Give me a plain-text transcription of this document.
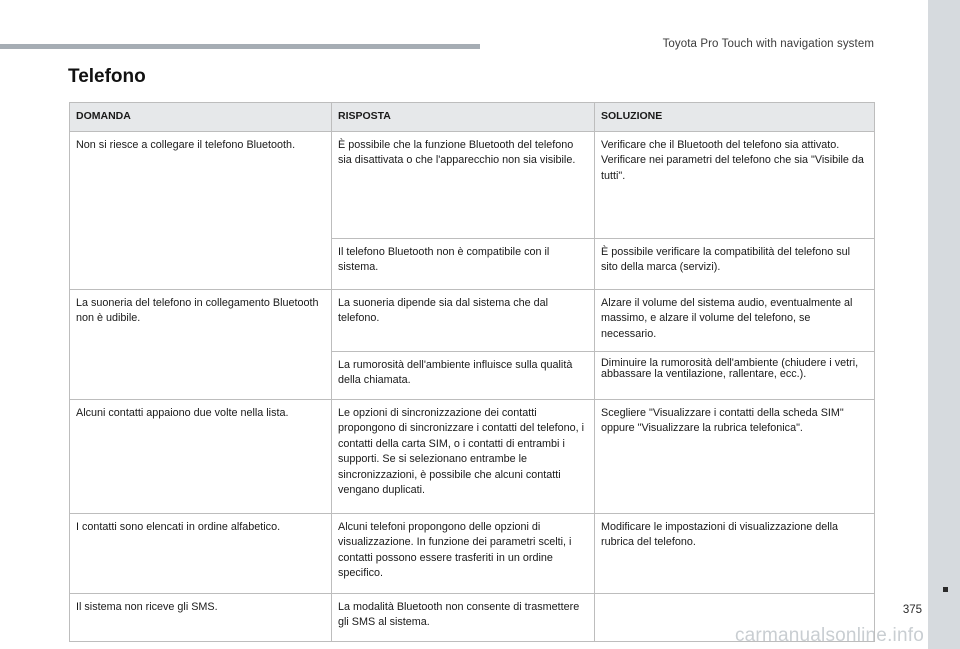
Toyota Pro Touch with navigation system
Telefono
375
carmanualsonline.info
DOMANDA	RISPOSTA	SOLUZIONE
Non si riesce a collegare il telefono Bluetooth.	È possibile che la funzione Bluetooth del telefono sia disattivata o che l'apparecchio non sia visibile.	Verificare che il Bluetooth del telefono sia attivato.
Verificare nei parametri del telefono che sia "Visibile da tutti".
	Il telefono Bluetooth non è compatibile con il sistema.	È possibile verificare la compatibilità del telefono sul sito della marca (servizi).
La suoneria del telefono in collegamento Bluetooth non è udibile.	La suoneria dipende sia dal sistema che dal telefono.	Alzare il volume del sistema audio, eventualmente al massimo, e alzare il volume del telefono, se necessario.
	La rumorosità dell'ambiente influisce sulla qualità della chiamata.	Diminuire la rumorosità dell'ambiente (chiudere i vetri, abbassare la ventilazione, rallentare, ecc.).
Alcuni contatti appaiono due volte nella lista.	Le opzioni di sincronizzazione dei contatti propongono di sincronizzare i contatti del telefono, i contatti della carta SIM, o i contatti di entrambi i supporti. Se si selezionano entrambe le sincronizzazioni, è possibile che alcuni contatti vengano duplicati.	Scegliere "Visualizzare i contatti della scheda SIM" oppure "Visualizzare la rubrica telefonica".
I contatti sono elencati in ordine alfabetico.	Alcuni telefoni propongono delle opzioni di visualizzazione. In funzione dei parametri scelti, i contatti possono essere trasferiti in un ordine specifico.	Modificare le impostazioni di visualizzazione della rubrica del telefono.
Il sistema non riceve gli SMS.	La modalità Bluetooth non consente di trasmettere gli SMS al sistema.	
